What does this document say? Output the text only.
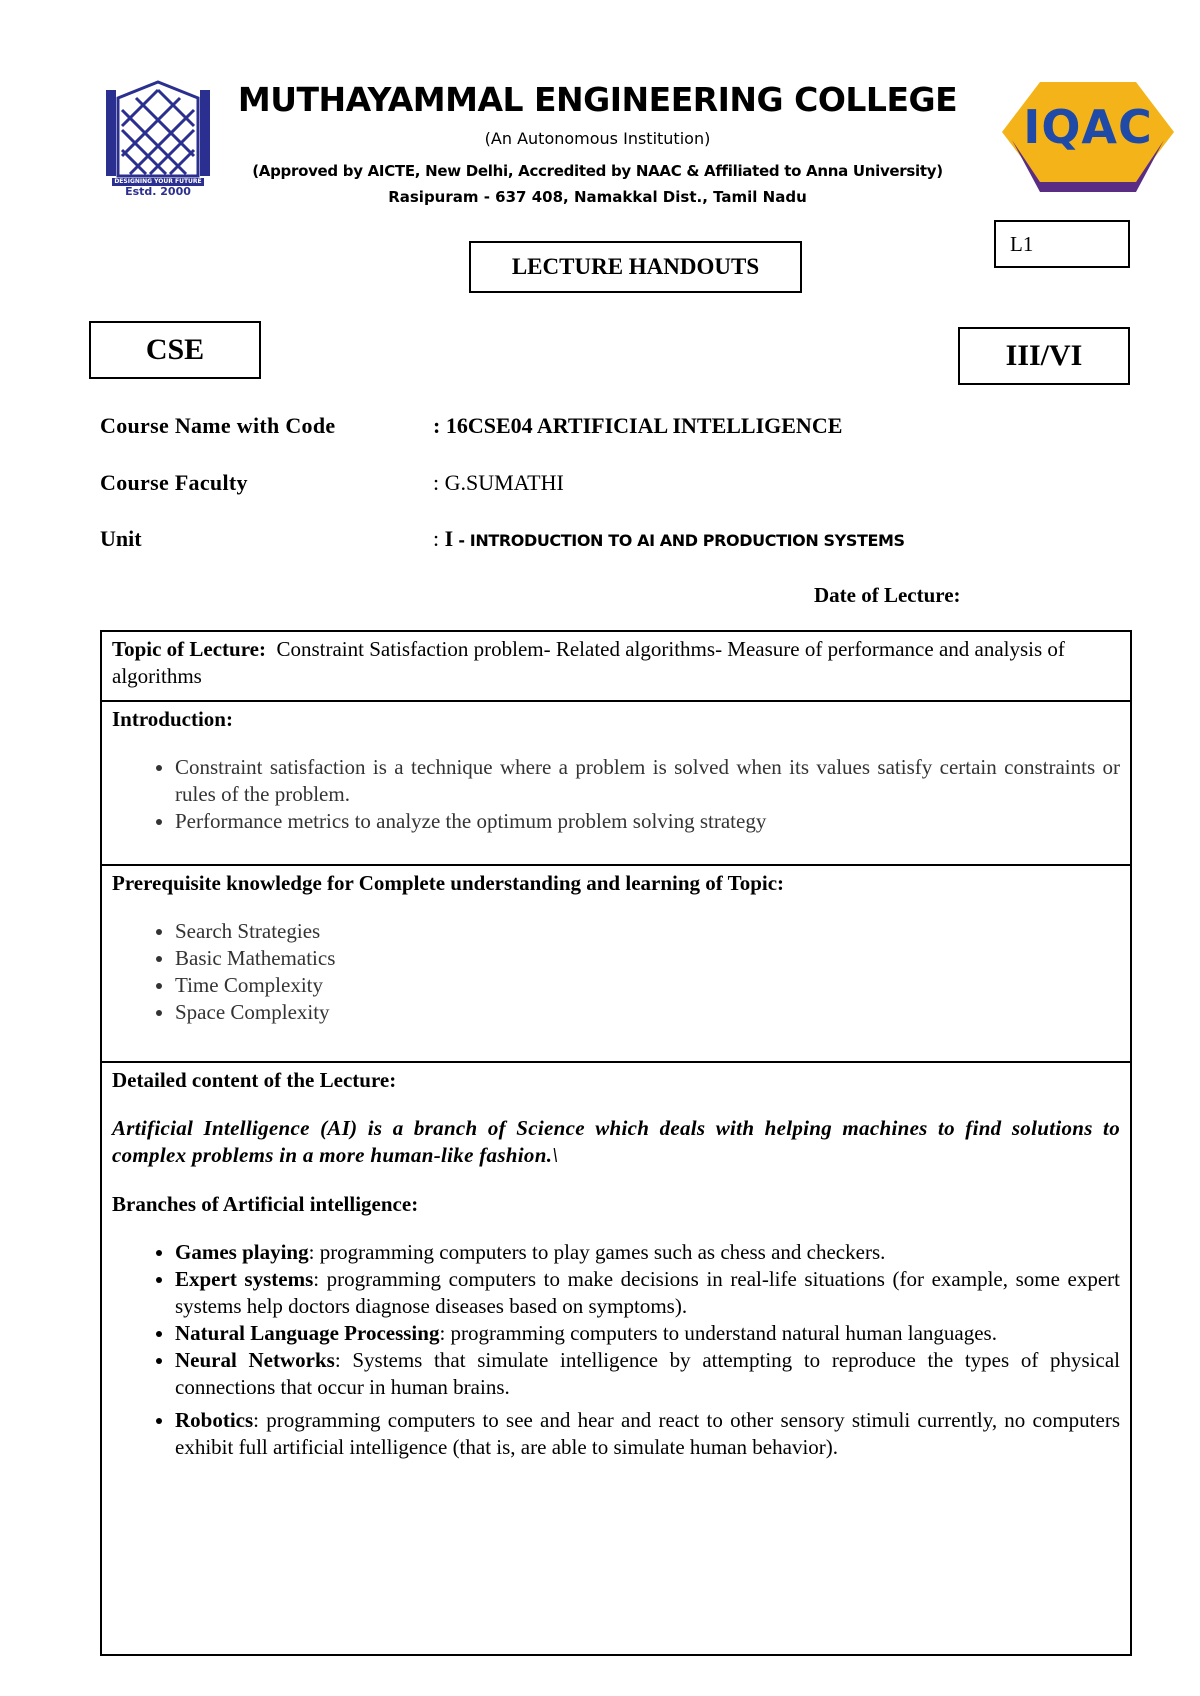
DESIGNING YOUR FUTURE
Estd. 2000
MUTHAYAMMAL ENGINEERING COLLEGE
(An Autonomous Institution)
(Approved by AICTE, New Delhi, Accredited by NAAC & Affiliated to Anna University)
Rasipuram - 637 408, Namakkal Dist., Tamil Nadu
IQAC
L1
LECTURE HANDOUTS
CSE	III/VI
Course Name with Code	: 16CSE04 ARTIFICIAL INTELLIGENCE
Course Faculty	: G.SUMATHI
Unit	: I - INTRODUCTION TO AI AND PRODUCTION SYSTEMS
Date of Lecture:
Topic of Lecture:  Constraint Satisfaction problem- Related algorithms- Measure of performance and analysis of algorithms
Introduction:
• Constraint satisfaction is a technique where a problem is solved when its values satisfy certain constraints or rules of the problem.
• Performance metrics to analyze the optimum problem solving strategy
Prerequisite knowledge for Complete understanding and learning of Topic:
• Search Strategies
• Basic Mathematics
• Time Complexity
• Space Complexity
Detailed content of the Lecture:
Artificial Intelligence (AI) is a branch of Science which deals with helping machines to find solutions to complex problems in a more human-like fashion.\
Branches of Artificial intelligence:
• Games playing: programming computers to play games such as chess and checkers.
• Expert systems: programming computers to make decisions in real-life situations (for example, some expert systems help doctors diagnose diseases based on symptoms).
• Natural Language Processing: programming computers to understand natural human languages.
• Neural Networks: Systems that simulate intelligence by attempting to reproduce the types of physical connections that occur in human brains.
• Robotics: programming computers to see and hear and react to other sensory stimuli currently, no computers exhibit full artificial intelligence (that is, are able to simulate human behavior).
